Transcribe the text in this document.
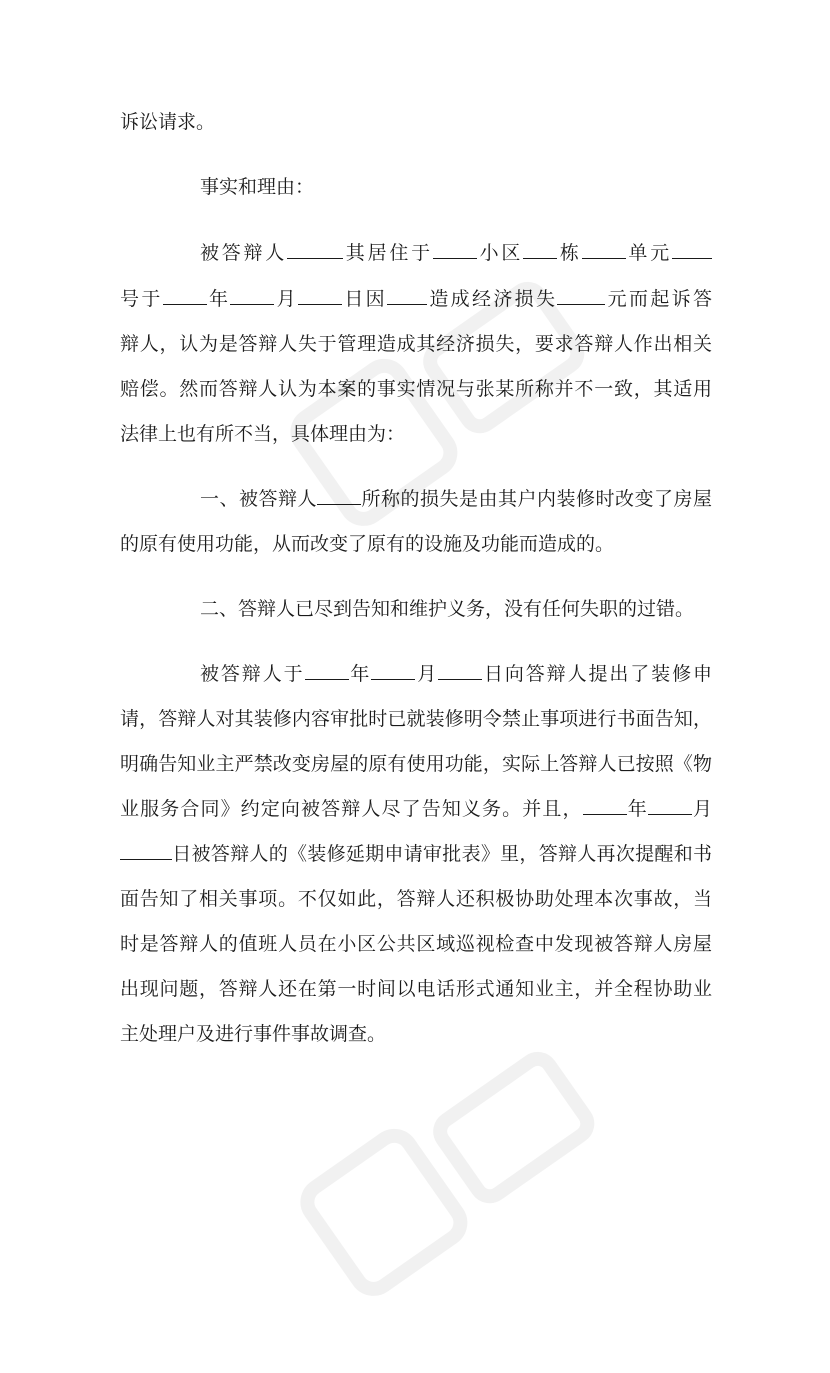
诉讼请求。
事实和理由：
被答辩人	其居住于 小区 栋 单元
号于 年 月 日因 造成经济损失	元而起诉答
辩人，认为是答辩人失于管理造成其经济损失，要求答辩人作出相关
赔偿。然而答辩人认为本案的事实情况与张某所称并不一致，其适用
法律上也有所不当，具体理由为：
一、被答辩人 所称的损失是由其户内装修时改变了房屋
的原有使用功能，从而改变了原有的设施及功能而造成的。
二、答辩人已尽到告知和维护义务，没有任何失职的过错。
被答辩人于 年 月 日向答辩人提出了装修申
请，答辩人对其装修内容审批时已就装修明令禁止事项进行书面告知，
明确告知业主严禁改变房屋的原有使用功能，实际上答辩人已按照《物
业服务合同》约定向被答辩人尽了告知义务。并且， 年 月
日被答辩人的《装修延期申请审批表》里，答辩人再次提醒和书
面告知了相关事项。不仅如此，答辩人还积极协助处理本次事故，当
时是答辩人的值班人员在小区公共区域巡视检查中发现被答辩人房屋
出现问题，答辩人还在第一时间以电话形式通知业主，并全程协助业
主处理户及进行事件事故调查。
